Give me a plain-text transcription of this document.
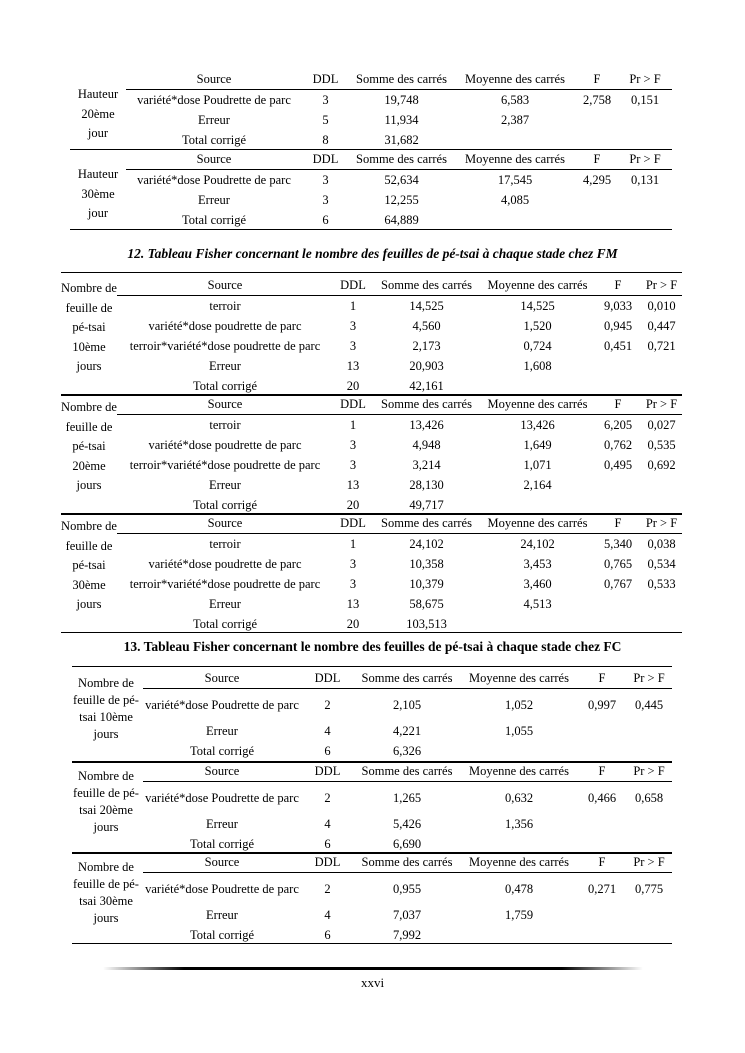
Hauteur 20ème jour
Source	DDL	Somme des carrés	Moyenne des carrés	F	Pr > F
variété*dose Poudrette de parc	3	19,748	6,583	2,758	0,151
Erreur	5	11,934	2,387		
Total corrigé	8	31,682			
Hauteur 30ème jour
Source	DDL	Somme des carrés	Moyenne des carrés	F	Pr > F
variété*dose Poudrette de parc	3	52,634	17,545	4,295	0,131
Erreur	3	12,255	4,085		
Total corrigé	6	64,889			
12. Tableau Fisher concernant le nombre des feuilles de pé-tsai à chaque stade chez FM
Nombre de feuille de pé-tsai 10ème jours
Source	DDL	Somme des carrés	Moyenne des carrés	F	Pr > F
terroir	1	14,525	14,525	9,033	0,010
variété*dose poudrette de parc	3	4,560	1,520	0,945	0,447
terroir*variété*dose poudrette de parc	3	2,173	0,724	0,451	0,721
Erreur	13	20,903	1,608		
Total corrigé	20	42,161			
Nombre de feuille de pé-tsai 20ème jours
Source	DDL	Somme des carrés	Moyenne des carrés	F	Pr > F
terroir	1	13,426	13,426	6,205	0,027
variété*dose poudrette de parc	3	4,948	1,649	0,762	0,535
terroir*variété*dose poudrette de parc	3	3,214	1,071	0,495	0,692
Erreur	13	28,130	2,164		
Total corrigé	20	49,717			
Nombre de feuille de pé-tsai 30ème jours
Source	DDL	Somme des carrés	Moyenne des carrés	F	Pr > F
terroir	1	24,102	24,102	5,340	0,038
variété*dose poudrette de parc	3	10,358	3,453	0,765	0,534
terroir*variété*dose poudrette de parc	3	10,379	3,460	0,767	0,533
Erreur	13	58,675	4,513		
Total corrigé	20	103,513			
13. Tableau Fisher concernant le nombre des feuilles de pé-tsai à chaque stade chez FC
Nombre de feuille de pé-tsai 10ème jours
Source	DDL	Somme des carrés	Moyenne des carrés	F	Pr > F
variété*dose Poudrette de parc	2	2,105	1,052	0,997	0,445
Erreur	4	4,221	1,055		
Total corrigé	6	6,326			
Nombre de feuille de pé-tsai 20ème jours
Source	DDL	Somme des carrés	Moyenne des carrés	F	Pr > F
variété*dose Poudrette de parc	2	1,265	0,632	0,466	0,658
Erreur	4	5,426	1,356		
Total corrigé	6	6,690			
Nombre de feuille de pé-tsai 30ème jours
Source	DDL	Somme des carrés	Moyenne des carrés	F	Pr > F
variété*dose Poudrette de parc	2	0,955	0,478	0,271	0,775
Erreur	4	7,037	1,759		
Total corrigé	6	7,992			
xxvi
